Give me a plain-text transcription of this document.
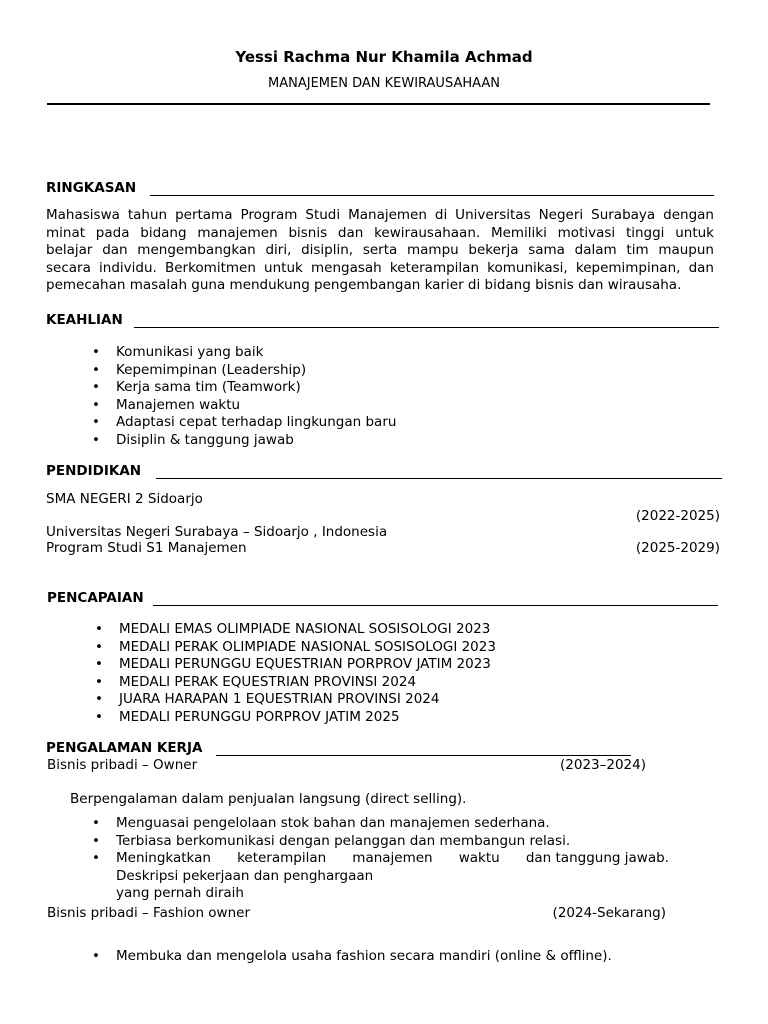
Yessi Rachma Nur Khamila Achmad
MANAJEMEN DAN KEWIRAUSAHAAN
RINGKASAN
Mahasiswa tahun pertama Program Studi Manajemen di Universitas Negeri Surabaya dengan
minat pada bidang manajemen bisnis dan kewirausahaan. Memiliki motivasi tinggi untuk
belajar dan mengembangkan diri, disiplin, serta mampu bekerja sama dalam tim maupun
secara individu. Berkomitmen untuk mengasah keterampilan komunikasi, kepemimpinan, dan
pemecahan masalah guna mendukung pengembangan karier di bidang bisnis dan wirausaha.
KEAHLIAN
• Komunikasi yang baik
• Kepemimpinan (Leadership)
• Kerja sama tim (Teamwork)
• Manajemen waktu
• Adaptasi cepat terhadap lingkungan baru
• Disiplin & tanggung jawab
PENDIDIKAN
SMA NEGERI 2 Sidoarjo
(2022-2025)
Universitas Negeri Surabaya – Sidoarjo , Indonesia
Program Studi S1 Manajemen	(2025-2029)
PENCAPAIAN
• MEDALI EMAS OLIMPIADE NASIONAL SOSISOLOGI 2023
• MEDALI PERAK OLIMPIADE NASIONAL SOSISOLOGI 2023
• MEDALI PERUNGGU EQUESTRIAN PORPROV JATIM 2023
• MEDALI PERAK EQUESTRIAN PROVINSI 2024
• JUARA HARAPAN 1 EQUESTRIAN PROVINSI 2024
• MEDALI PERUNGGU PORPROV JATIM 2025
PENGALAMAN KERJA
Bisnis pribadi – Owner	(2023–2024)
Berpengalaman dalam penjualan langsung (direct selling).
• Menguasai pengelolaan stok bahan dan manajemen sederhana.
• Terbiasa berkomunikasi dengan pelanggan dan membangun relasi.
• Meningkatkan keterampilan manajemen waktu dan tanggung jawab.
Deskripsi pekerjaan dan penghargaan
yang pernah diraih
Bisnis pribadi – Fashion owner	(2024-Sekarang)
• Membuka dan mengelola usaha fashion secara mandiri (online & offline).
